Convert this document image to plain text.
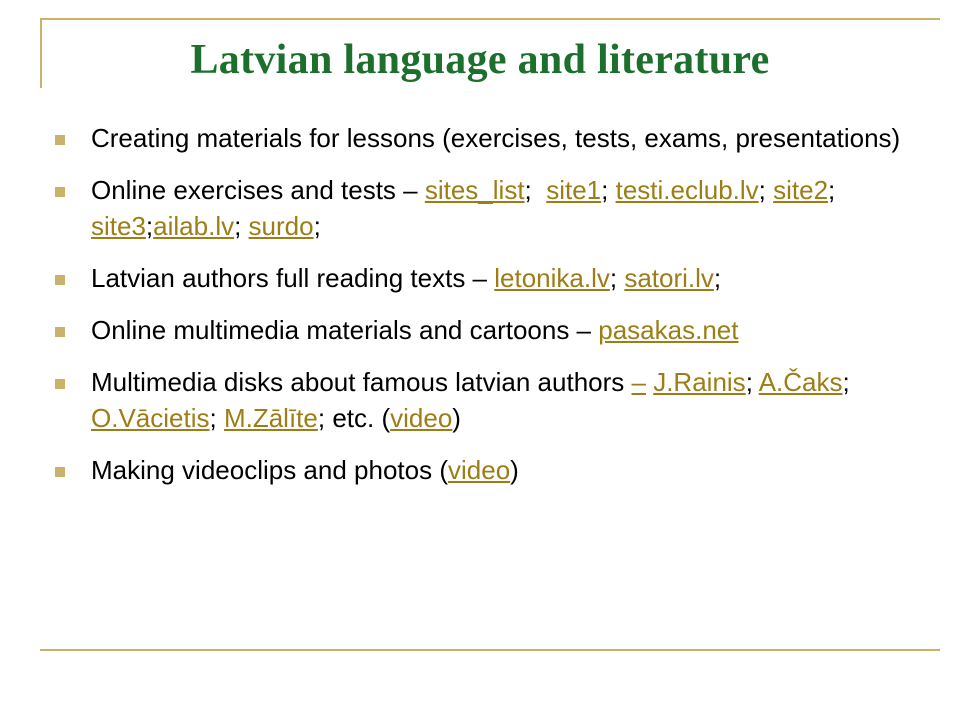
Latvian language and literature
Creating materials for lessons (exercises, tests, exams, presentations)
Online exercises and tests – sites_list;  site1; testi.eclub.lv; site2; site3;ailab.lv; surdo;
Latvian authors full reading texts – letonika.lv; satori.lv;
Online multimedia materials and cartoons – pasakas.net
Multimedia disks about famous latvian authors – J.Rainis; A.Čaks; O.Vācietis; M.Zālīte; etc. (video)
Making videoclips and photos (video)
